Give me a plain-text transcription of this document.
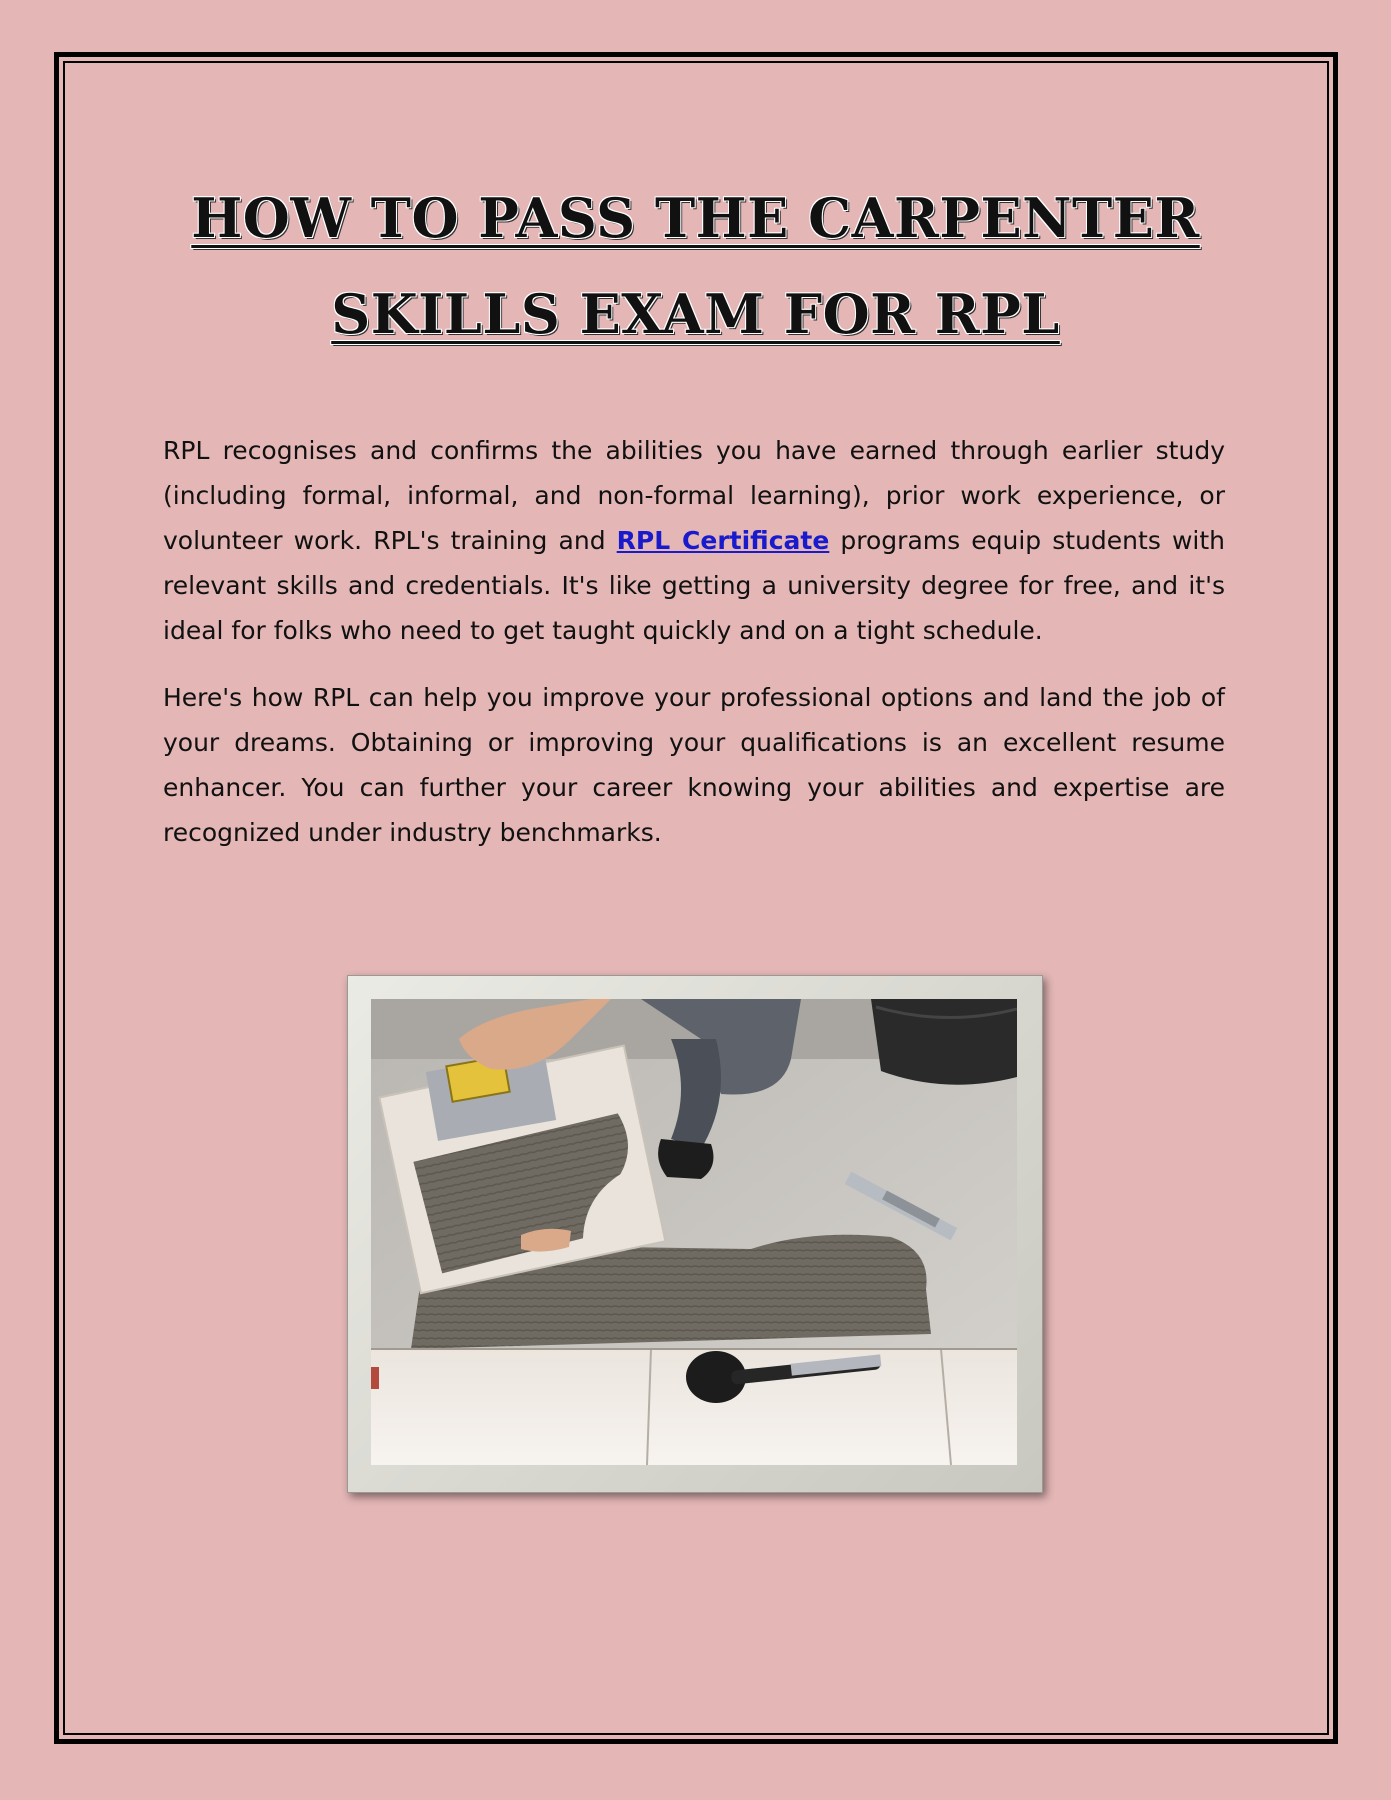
HOW TO PASS THE CARPENTER
SKILLS EXAM FOR RPL

RPL recognises and confirms the abilities you have earned through earlier study (including formal, informal, and non-formal learning), prior work experience, or volunteer work. RPL's training and RPL Certificate programs equip students with relevant skills and credentials. It's like getting a university degree for free, and it's ideal for folks who need to get taught quickly and on a tight schedule.

Here's how RPL can help you improve your professional options and land the job of your dreams. Obtaining or improving your qualifications is an excellent resume enhancer. You can further your career knowing your abilities and expertise are recognized under industry benchmarks.
